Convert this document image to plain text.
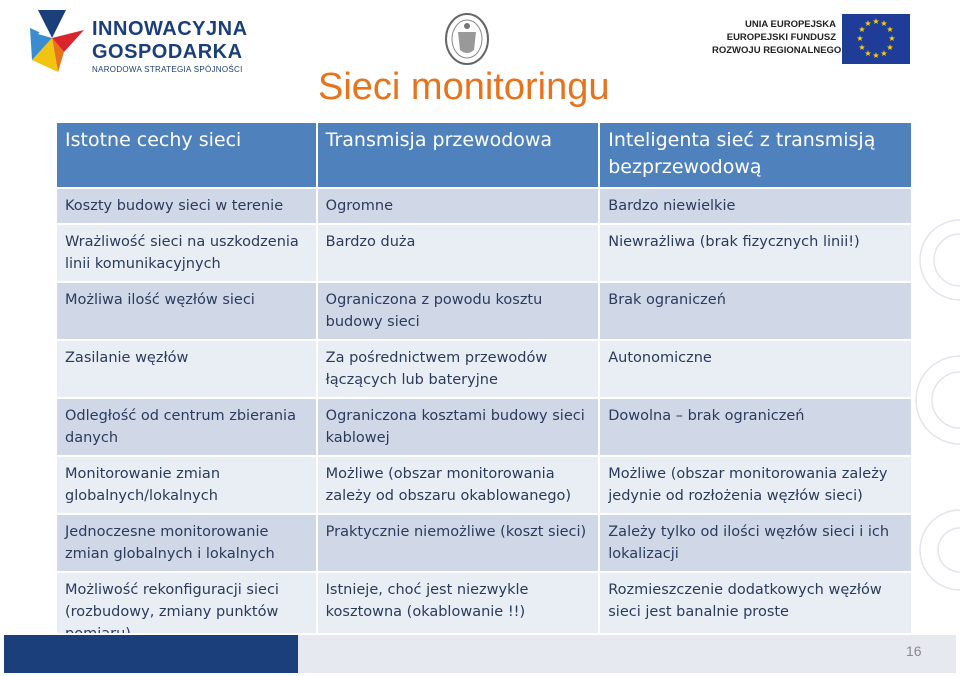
INNOWACYJNA
GOSPODARKA
NARODOWA STRATEGIA SPÓJNOŚCI
UNIA EUROPEJSKA
EUROPEJSKI FUNDUSZ
ROZWOJU REGIONALNEGO
★ ★
★
★
★
★
★
★
★
★
★
★
Sieci monitoringu
Istotne cechy sieci	Transmisja przewodowa	Inteligenta sieć z transmisją bezprzewodową
Koszty budowy sieci w terenie	Ogromne	Bardzo niewielkie
Wrażliwość sieci na uszkodzenia linii komunikacyjnych	Bardzo duża	Niewrażliwa (brak fizycznych linii!)
Możliwa ilość węzłów sieci	Ograniczona z powodu kosztu budowy sieci	Brak ograniczeń
Zasilanie węzłów	Za pośrednictwem przewodów łączących lub bateryjne	Autonomiczne
Odległość od centrum zbierania danych	Ograniczona kosztami budowy sieci kablowej	Dowolna – brak ograniczeń
Monitorowanie zmian globalnych/lokalnych	Możliwe (obszar monitorowania zależy od obszaru okablowanego)	Możliwe (obszar monitorowania zależy jedynie od rozłożenia węzłów sieci)
Jednoczesne monitorowanie zmian globalnych i lokalnych	Praktycznie niemożliwe (koszt sieci)	Zależy tylko od ilości węzłów sieci i ich lokalizacji
Możliwość rekonfiguracji sieci (rozbudowy, zmiany punktów	Istnieje, choć jest niezwykle kosztowna (okablowanie !!)	Rozmieszczenie dodatkowych węzłów sieci jest banalnie proste
16
